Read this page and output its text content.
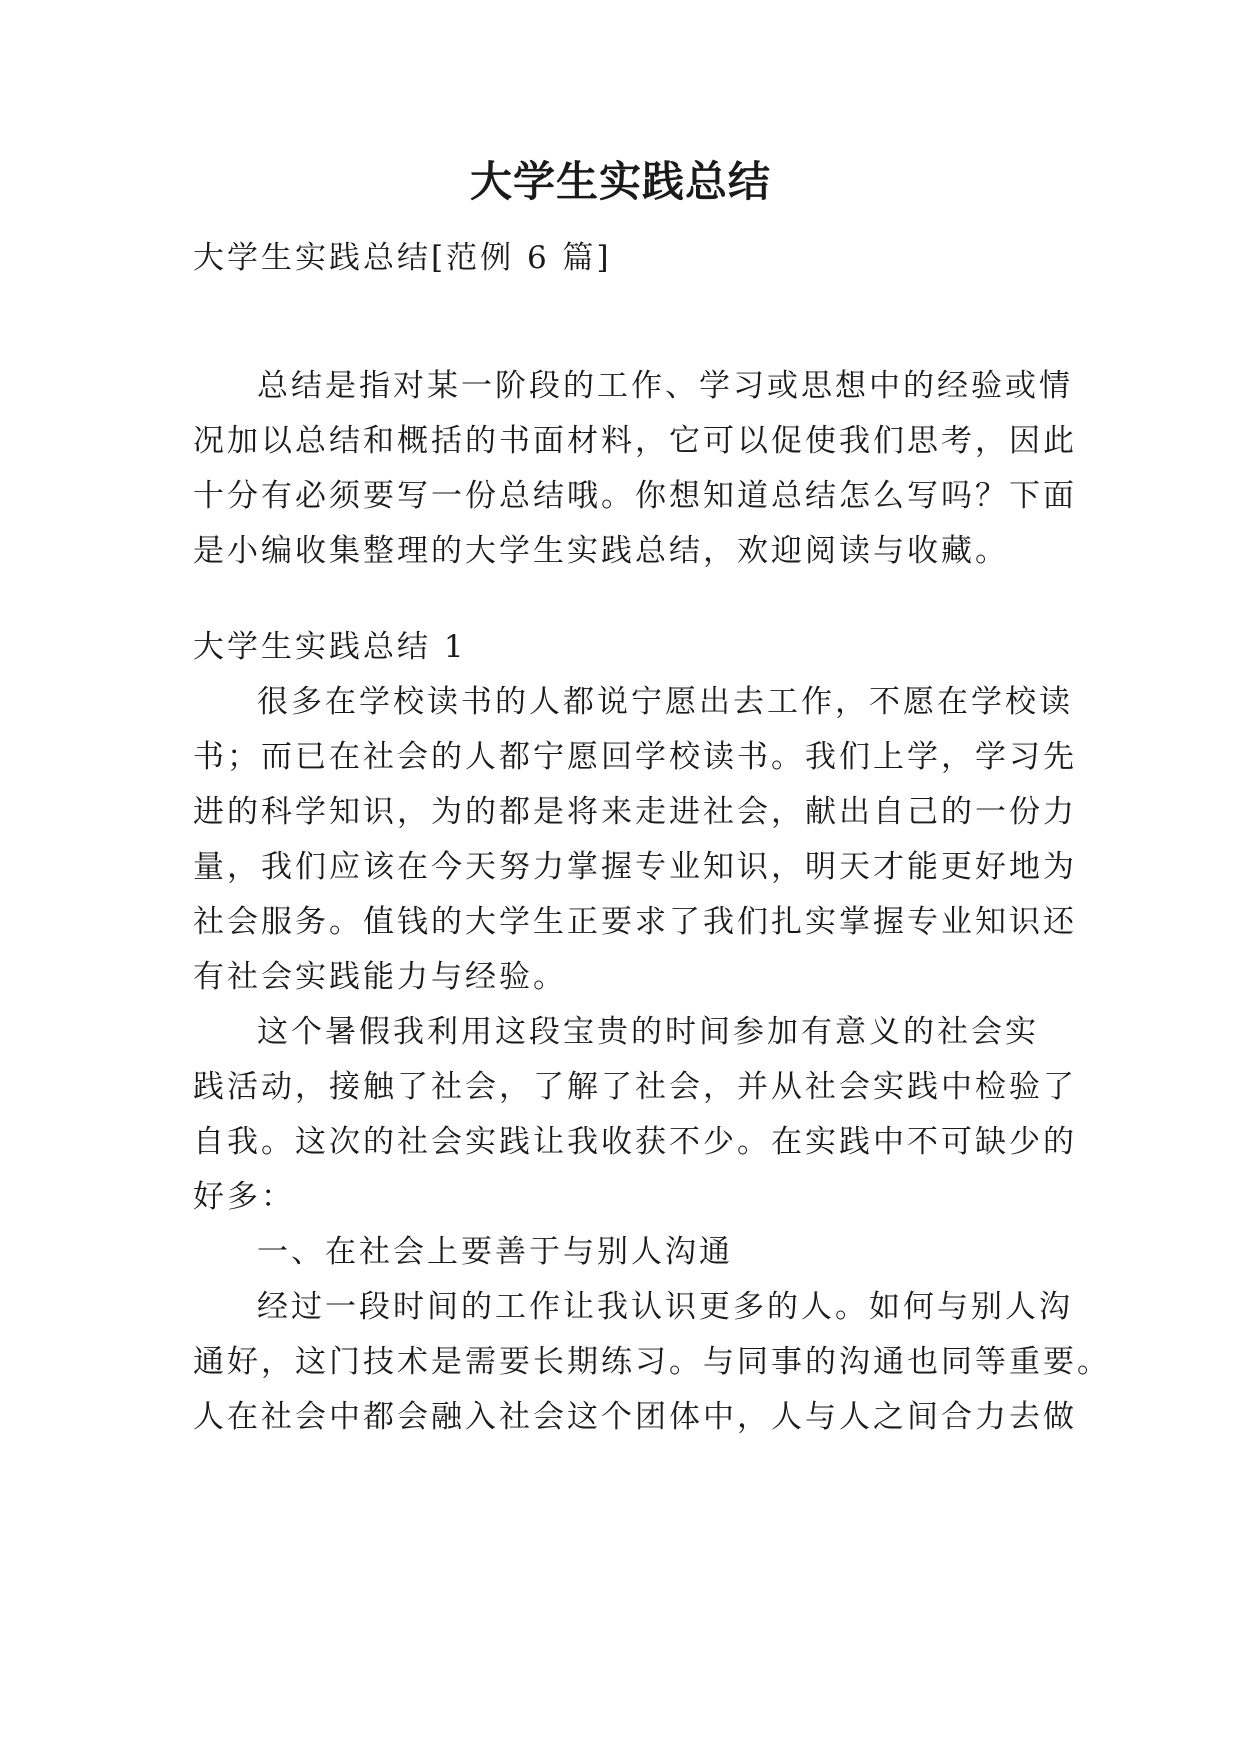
大学生实践总结
大学生实践总结[范例 6 篇]
总结是指对某一阶段的工作、学习或思想中的经验或情
况加以总结和概括的书面材料，它可以促使我们思考，因此
十分有必须要写一份总结哦。你想知道总结怎么写吗？下面
是小编收集整理的大学生实践总结，欢迎阅读与收藏。
大学生实践总结 1
很多在学校读书的人都说宁愿出去工作，不愿在学校读
书；而已在社会的人都宁愿回学校读书。我们上学，学习先
进的科学知识，为的都是将来走进社会，献出自己的一份力
量，我们应该在今天努力掌握专业知识，明天才能更好地为
社会服务。值钱的大学生正要求了我们扎实掌握专业知识还
有社会实践能力与经验。
这个暑假我利用这段宝贵的时间参加有意义的社会实
践活动，接触了社会，了解了社会，并从社会实践中检验了
自我。这次的社会实践让我收获不少。在实践中不可缺少的
好多：
一、在社会上要善于与别人沟通
经过一段时间的工作让我认识更多的人。如何与别人沟
通好，这门技术是需要长期练习。与同事的沟通也同等重要。
人在社会中都会融入社会这个团体中，人与人之间合力去做
